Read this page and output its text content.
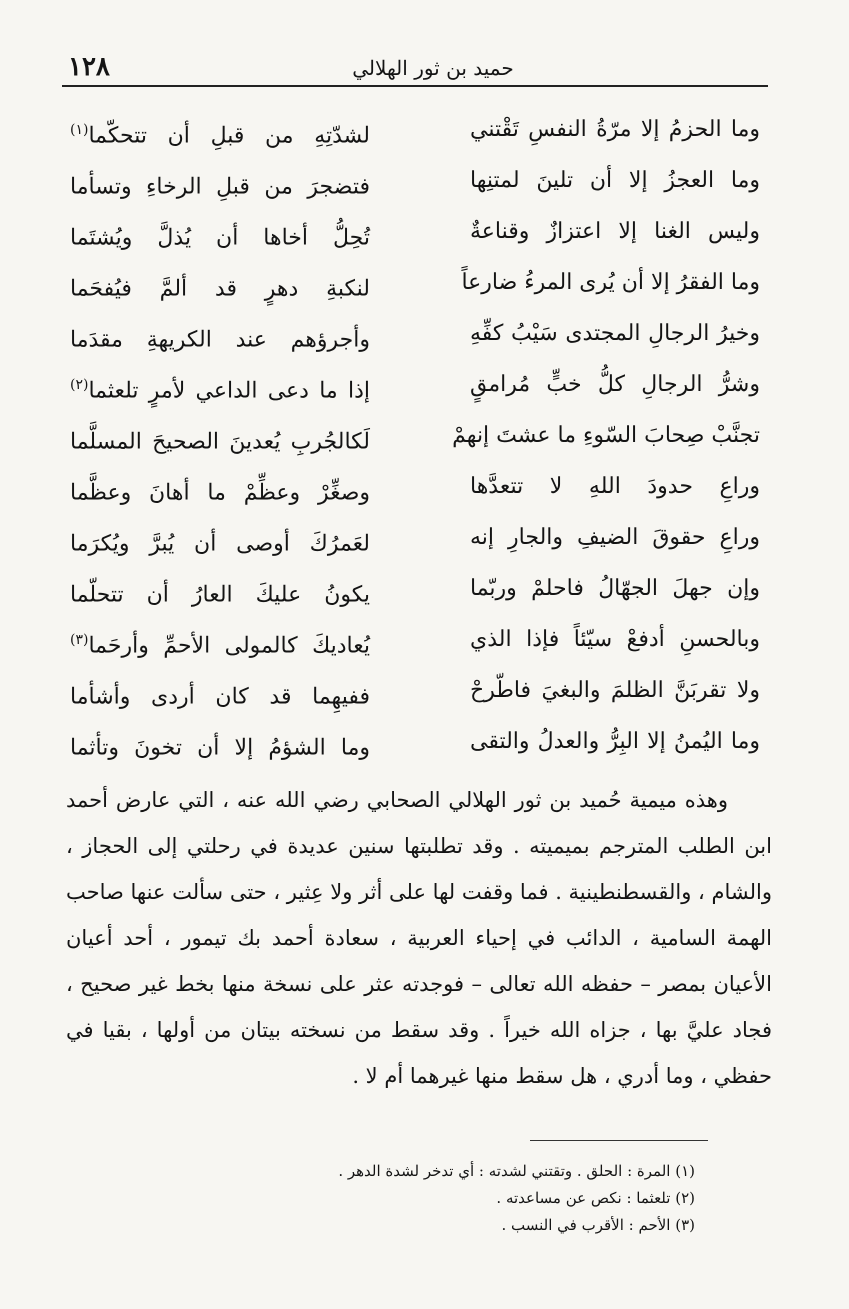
١٢٨	حميد بن ثور الهلالي
وما الحزمُ إلا مرّةُ النفسِ تَقْتني
لشدّتِهِ من قبلِ أن تتحكّما$^{(١)}$
وما العجزُ إلا أن تلينَ لمتنِها
فتضجرَ من قبلِ الرخاءِ وتسأما
وليس الغنا إلا اعتزازٌ وقناعةٌ
تُحِلُّ أخاها أن يُذلَّ ويُشتَما
وما الفقرُ إلا أن يُرى المرءُ ضارعاً
لنكبةِ دهرٍ قد ألمَّ فيُفحَما
وخيرُ الرجالِ المجتدى سَيْبُ كفِّهِ
وأجرؤهم عند الكريهةِ مقدَما
وشرُّ الرجالِ كلُّ خبٍّ مُرامقٍ
إذا ما دعى الداعي لأمرٍ تلعثما$^{(٢)}$
تجنَّبْ صِحابَ السّوءِ ما عشتَ إنهمْ
لَكالجُربِ يُعدينَ الصحيحَ المسلَّما
وراعِ حدودَ اللهِ لا تتعدَّها
وصغِّرْ وعظِّمْ ما أهانَ وعظَّما
وراعِ حقوقَ الضيفِ والجارِ إنه
لعَمرُكَ أوصى أن يُبرَّ ويُكرَما
وإن جهلَ الجهّالُ فاحلمْ وربّما
يكونُ عليكَ العارُ أن تتحلّما
وبالحسنِ أدفعْ سيّئاً فإذا الذي
يُعاديكَ كالمولى الأحمِّ وأرحَما$^{(٣)}$
ولا تقربَنَّ الظلمَ والبغيَ فاطّرحْ
ففيهِما قد كان أردى وأشأما
وما اليُمنُ إلا البِرُّ والعدلُ والتقى
وما الشؤمُ إلا أن تخونَ وتأثما

وهذه ميمية حُميد بن ثور الهلالي الصحابي رضي الله عنه ، التي عارض أحمد ابن الطلب المترجم بميميته . وقد تطلبتها سنين عديدة في رحلتي إلى الحجاز ، والشام ، والقسطنطينية . فما وقفت لها على أثر ولا عِثير ، حتى سألت عنها صاحب الهمة السامية ، الدائب في إحياء العربية ، سعادة أحمد بك تيمور ، أحد أعيان الأعيان بمصر – حفظه الله تعالى – فوجدته عثر على نسخة منها بخط غير صحيح ، فجاد عليَّ بها ، جزاه الله خيراً . وقد سقط من نسخته بيتان من أولها ، بقيا في حفظي ، وما أدري ، هل سقط منها غيرهما أم لا .

(١) المرة : الحلق . وتقتني لشدته : أي تدخر لشدة الدهر .
(٢) تلعثما : نكص عن مساعدته .
(٣) الأحم : الأقرب في النسب .
